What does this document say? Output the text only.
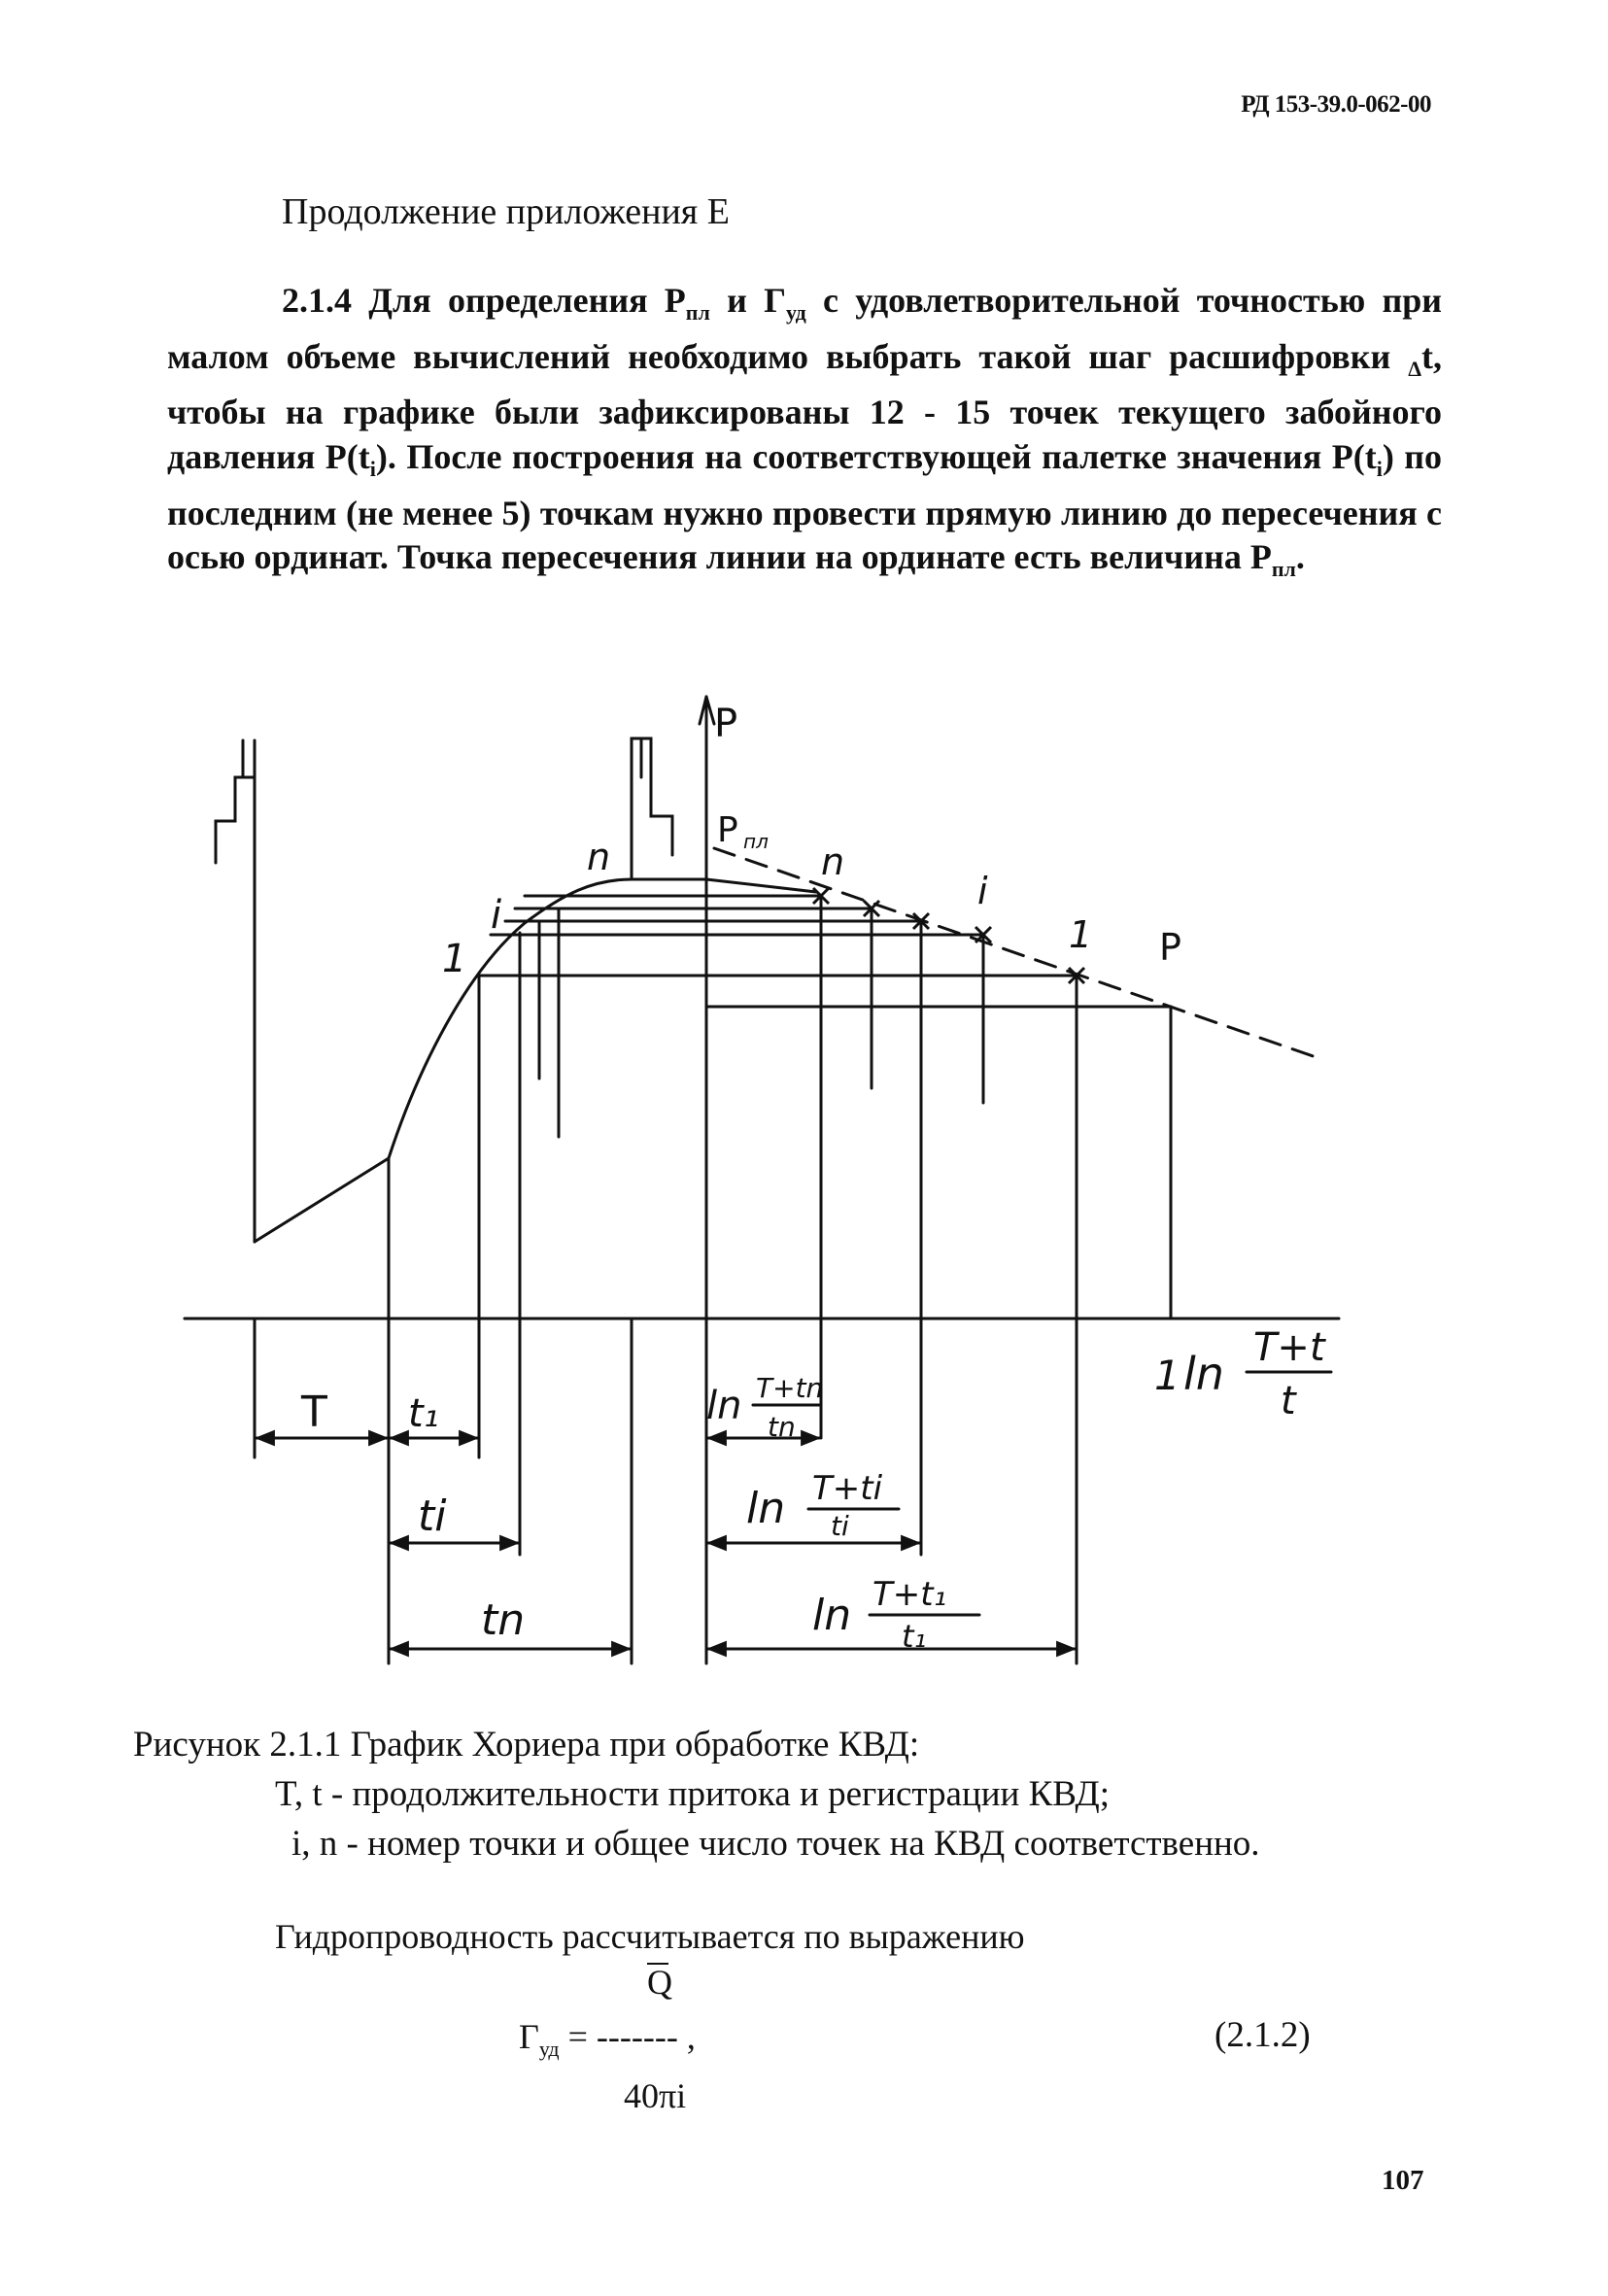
РД 153-39.0-062-00
Продолжение приложения Е
2.1.4 Для определения $Р_{пл}$ и $Г_{уд}$ с удовлетворительной точностью при малом объеме вычислений необходимо выбрать такой шаг расшифровки $_\Delta$t, чтобы на графике были зафиксированы 12 - 15 точек текущего забойного давления $Р(t_i)$. После построения на соответствующей палетке значения $Р(t_i)$ по последним (не менее 5) точкам нужно провести прямую линию до пересечения с осью ординат. Точка пересечения линии на ординате есть величина $Р_{пл}$.
P
P пл
n
i
1
n
i
1 P
T t₁
ti
tn
ln T+tn
tn
ln T+ti
ti
ln T+t₁
t₁
1 ln T+t
t
Рисунок 2.1.1 График Хориера при обработке КВД:
T, t - продолжительности притока и регистрации КВД;
i, n - номер точки и общее число точек на КВД соответственно.
Гидропроводность рассчитывается по выражению
Q
$Г_{уд}$ = ------- ,
40πi
(2.1.2)
107
